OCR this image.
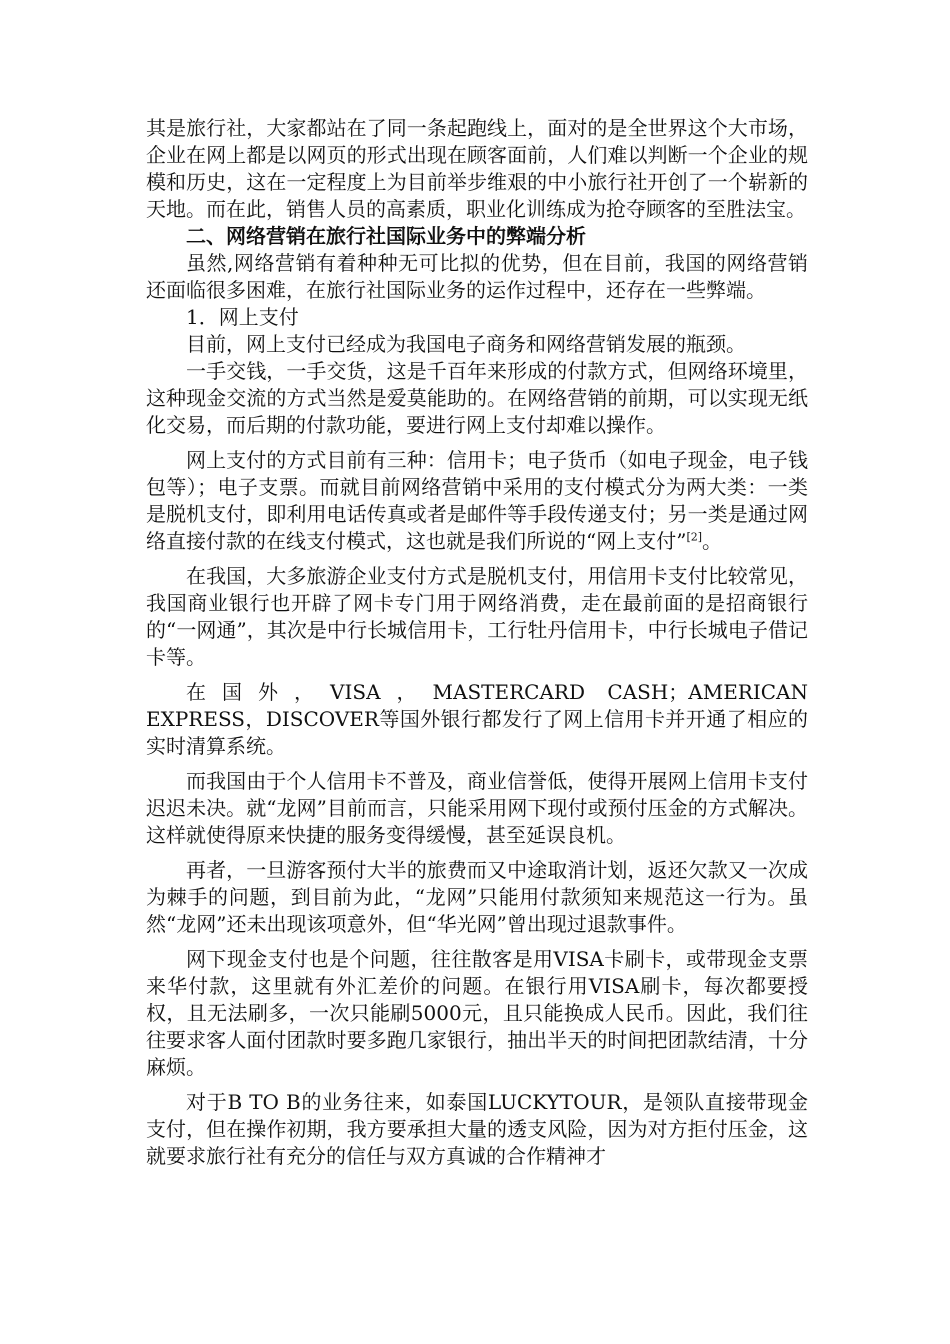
其是旅行社，大家都站在了同一条起跑线上，面对的是全世界这个大市场，企业在网上都是以网页的形式出现在顾客面前，人们难以判断一个企业的规模和历史，这在一定程度上为目前举步维艰的中小旅行社开创了一个崭新的天地。而在此，销售人员的高素质，职业化训练成为抢夺顾客的至胜法宝。

二、网络营销在旅行社国际业务中的弊端分析

虽然,网络营销有着种种无可比拟的优势，但在目前，我国的网络营销还面临很多困难，在旅行社国际业务的运作过程中，还存在一些弊端。

1．网上支付

目前，网上支付已经成为我国电子商务和网络营销发展的瓶颈。

一手交钱，一手交货，这是千百年来形成的付款方式，但网络环境里，这种现金交流的方式当然是爱莫能助的。在网络营销的前期，可以实现无纸化交易，而后期的付款功能，要进行网上支付却难以操作。

网上支付的方式目前有三种：信用卡；电子货币（如电子现金，电子钱包等）；电子支票。而就目前网络营销中采用的支付模式分为两大类：一类是脱机支付，即利用电话传真或者是邮件等手段传递支付；另一类是通过网络直接付款的在线支付模式，这也就是我们所说的“网上支付”[2]。

在我国，大多旅游企业支付方式是脱机支付，用信用卡支付比较常见，我国商业银行也开辟了网卡专门用于网络消费，走在最前面的是招商银行的“一网通”，其次是中行长城信用卡，工行牡丹信用卡，中行长城电子借记卡等。

在国外，VISA，MASTERCARD CASH；AMERICAN EXPRESS，DISCOVER等国外银行都发行了网上信用卡并开通了相应的实时清算系统。

而我国由于个人信用卡不普及，商业信誉低，使得开展网上信用卡支付迟迟未决。就“龙网”目前而言，只能采用网下现付或预付压金的方式解决。这样就使得原来快捷的服务变得缓慢，甚至延误良机。

再者，一旦游客预付大半的旅费而又中途取消计划，返还欠款又一次成为棘手的问题，到目前为此，“龙网”只能用付款须知来规范这一行为。虽然“龙网”还未出现该项意外，但“华光网”曾出现过退款事件。

网下现金支付也是个问题，往往散客是用VISA卡刷卡，或带现金支票来华付款，这里就有外汇差价的问题。在银行用VISA刷卡，每次都要授权，且无法刷多，一次只能刷5000元，且只能换成人民币。因此，我们往往要求客人面付团款时要多跑几家银行，抽出半天的时间把团款结清，十分麻烦。

对于B TO B的业务往来，如泰国LUCKYTOUR，是领队直接带现金支付，但在操作初期，我方要承担大量的透支风险，因为对方拒付压金，这就要求旅行社有充分的信任与双方真诚的合作精神才
